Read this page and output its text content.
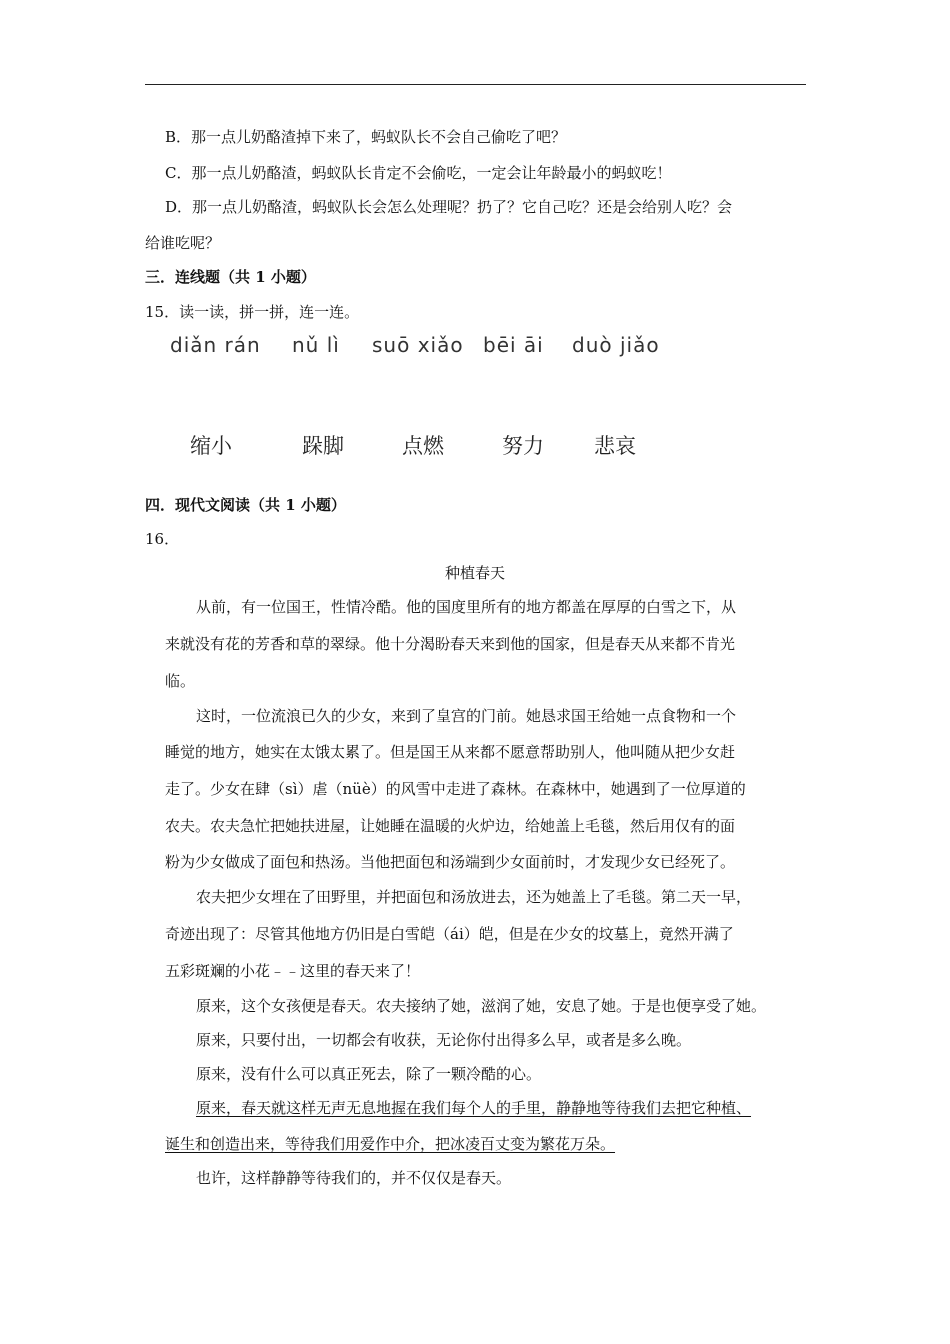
B．那一点儿奶酪渣掉下来了，蚂蚁队长不会自己偷吃了吧？
C．那一点儿奶酪渣，蚂蚁队长肯定不会偷吃，一定会让年龄最小的蚂蚁吃！
D．那一点儿奶酪渣，蚂蚁队长会怎么处理呢？扔了？它自己吃？还是会给别人吃？会
给谁吃呢？
三．连线题（共 1 小题）
15．读一读，拼一拼，连一连。
diǎn rán nǔ lì suō xiǎo bēi āi duò jiǎo
缩小	跺脚	点燃	努力 悲哀
四．现代文阅读（共 1 小题）
16．
种植春天
从前，有一位国王，性情冷酷。他的国度里所有的地方都盖在厚厚的白雪之下，从
来就没有花的芳香和草的翠绿。他十分渴盼春天来到他的国家，但是春天从来都不肯光
临。
这时，一位流浪已久的少女，来到了皇宫的门前。她恳求国王给她一点食物和一个
睡觉的地方，她实在太饿太累了。但是国王从来都不愿意帮助别人，他叫随从把少女赶
走了。少女在肆（sì）虐（nüè）的风雪中走进了森林。在森林中，她遇到了一位厚道的
农夫。农夫急忙把她扶进屋，让她睡在温暖的火炉边，给她盖上毛毯，然后用仅有的面
粉为少女做成了面包和热汤。当他把面包和汤端到少女面前时，才发现少女已经死了。
农夫把少女埋在了田野里，并把面包和汤放进去，还为她盖上了毛毯。第二天一早，
奇迹出现了：尽管其他地方仍旧是白雪皑（ái）皑，但是在少女的坟墓上，竟然开满了
五彩斑斓的小花﹣﹣这里的春天来了！
原来，这个女孩便是春天。农夫接纳了她，滋润了她，安息了她。于是也便享受了她。
原来，只要付出，一切都会有收获，无论你付出得多么早，或者是多么晚。
原来，没有什么可以真正死去，除了一颗冷酷的心。
原来，春天就这样无声无息地握在我们每个人的手里，静静地等待我们去把它种植、
诞生和创造出来，等待我们用爱作中介，把冰凌百丈变为繁花万朵。
也许，这样静静等待我们的，并不仅仅是春天。
